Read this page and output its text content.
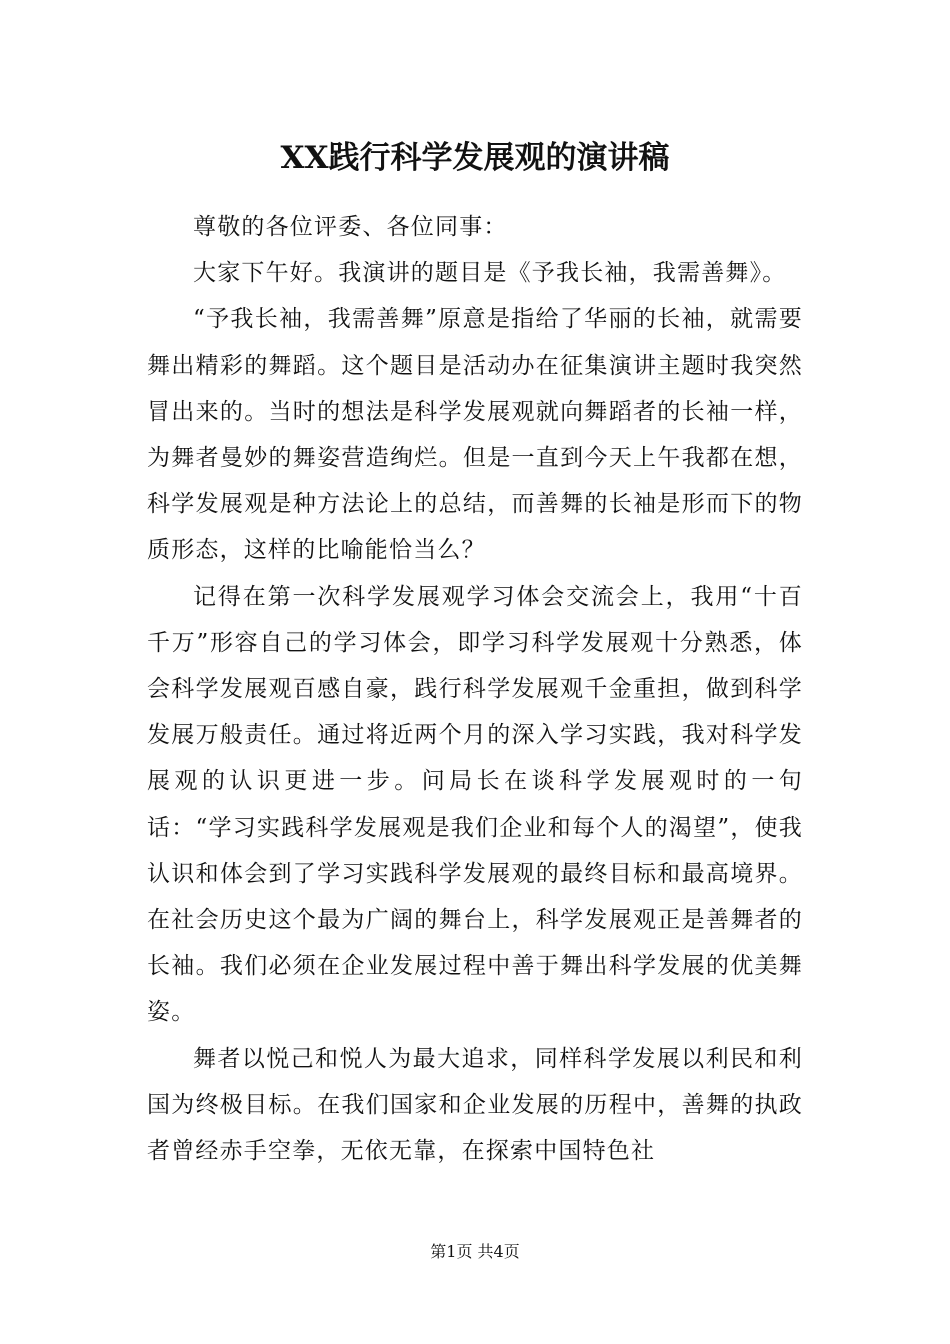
XX践行科学发展观的演讲稿

尊敬的各位评委、各位同事：

大家下午好。我演讲的题目是《予我长袖，我需善舞》。

“予我长袖，我需善舞”原意是指给了华丽的长袖，就需要舞出精彩的舞蹈。这个题目是活动办在征集演讲主题时我突然冒出来的。当时的想法是科学发展观就向舞蹈者的长袖一样，为舞者曼妙的舞姿营造绚烂。但是一直到今天上午我都在想，科学发展观是种方法论上的总结，而善舞的长袖是形而下的物质形态，这样的比喻能恰当么？

记得在第一次科学发展观学习体会交流会上，我用“十百千万”形容自己的学习体会，即学习科学发展观十分熟悉，体会科学发展观百感自豪，践行科学发展观千金重担，做到科学发展万般责任。通过将近两个月的深入学习实践，我对科学发展观的认识更进一步。问局长在谈科学发展观时的一句话：“学习实践科学发展观是我们企业和每个人的渴望”，使我认识和体会到了学习实践科学发展观的最终目标和最高境界。在社会历史这个最为广阔的舞台上，科学发展观正是善舞者的长袖。我们必须在企业发展过程中善于舞出科学发展的优美舞姿。

舞者以悦己和悦人为最大追求，同样科学发展以利民和利国为终极目标。在我们国家和企业发展的历程中，善舞的执政者曾经赤手空拳，无依无靠，在探索中国特色社

第1页 共4页
